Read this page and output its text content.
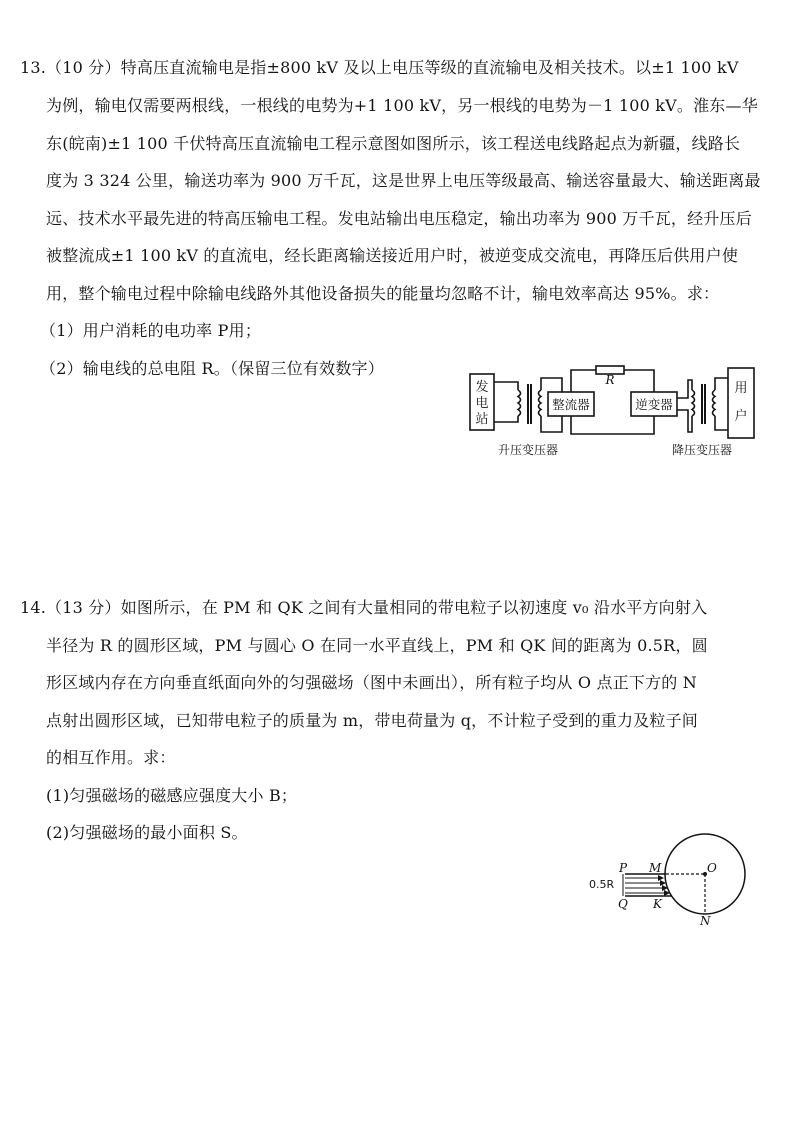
13.（10 分）特高压直流输电是指±800 kV 及以上电压等级的直流输电及相关技术。以±1 100 kV
为例，输电仅需要两根线，一根线的电势为+1 100 kV，另一根线的电势为－1 100 kV。淮东—华
东(皖南)±1 100 千伏特高压直流输电工程示意图如图所示，该工程送电线路起点为新疆，线路长
度为 3 324 公里，输送功率为 900 万千瓦，这是世界上电压等级最高、输送容量最大、输送距离最
远、技术水平最先进的特高压输电工程。发电站输出电压稳定，输出功率为 900 万千瓦，经升压后
被整流成±1 100 kV 的直流电，经长距离输送接近用户时，被逆变成交流电，再降压后供用户使
用，整个输电过程中除输电线路外其他设备损失的能量均忽略不计，输电效率高达 95%。求：
（1）用户消耗的电功率 P用；
（2）输电线的总电阻 R。（保留三位有效数字）
发
电
站
整流器
R
逆变器
用
户
升压变压器	降压变压器
14.（13 分）如图所示，在 PM 和 QK 之间有大量相同的带电粒子以初速度 v₀ 沿水平方向射入
半径为 R 的圆形区域，PM 与圆心 O 在同一水平直线上，PM 和 QK 间的距离为 0.5R，圆
形区域内存在方向垂直纸面向外的匀强磁场（图中未画出），所有粒子均从 O 点正下方的 N
点射出圆形区域，已知带电粒子的质量为 m，带电荷量为 q，不计粒子受到的重力及粒子间
的相互作用。求：
(1)匀强磁场的磁感应强度大小 B；
(2)匀强磁场的最小面积 S。
P M	O
0.5R
Q K
N
